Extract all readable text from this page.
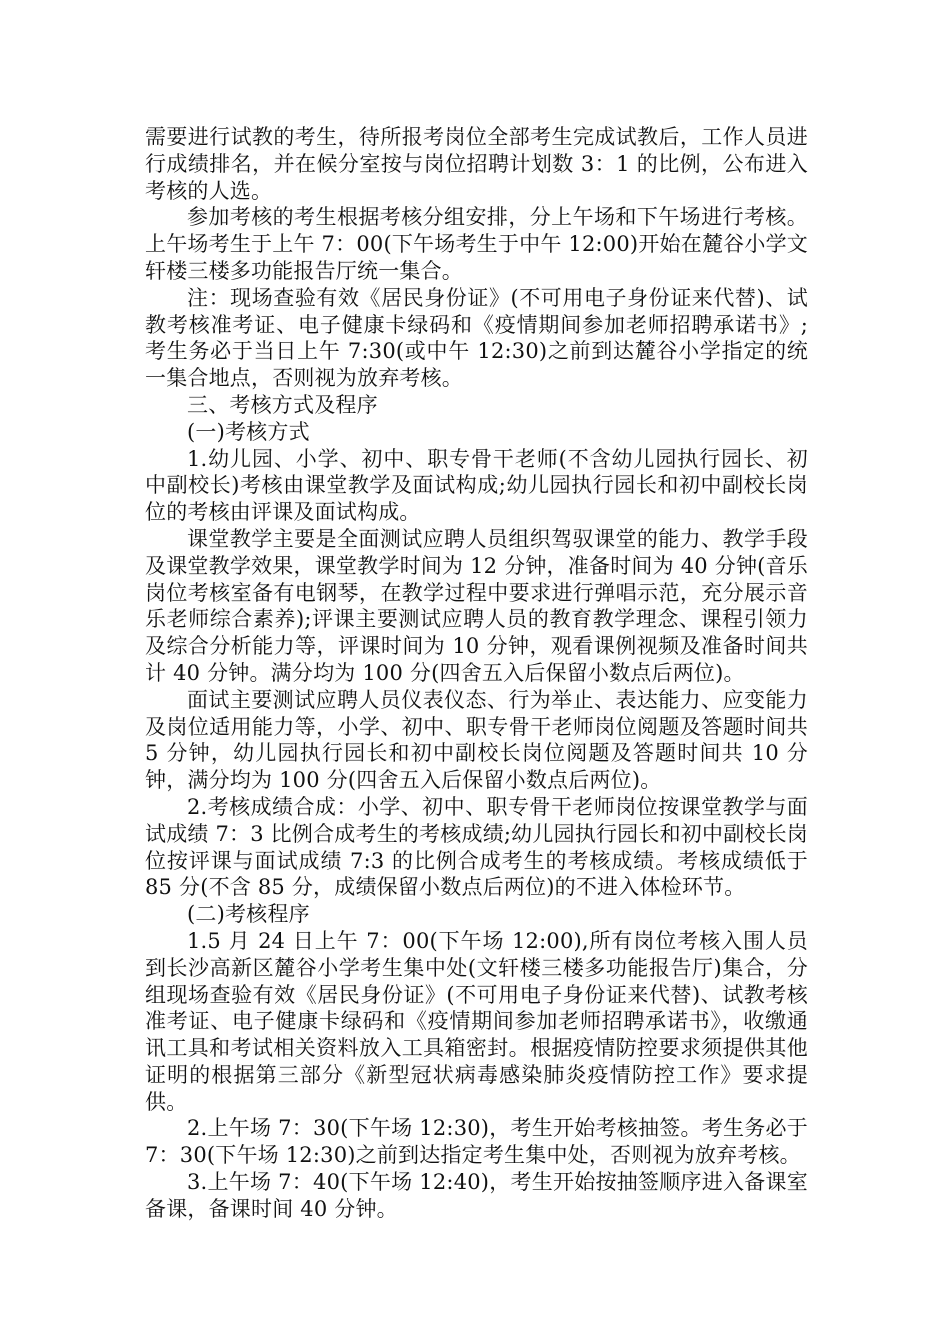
需要进行试教的考生，待所报考岗位全部考生完成试教后，工作人员进行成绩排名，并在候分室按与岗位招聘计划数 3：1 的比例，公布进入考核的人选。

参加考核的考生根据考核分组安排，分上午场和下午场进行考核。上午场考生于上午 7：00(下午场考生于中午 12:00)开始在麓谷小学文轩楼三楼多功能报告厅统一集合。

注：现场查验有效《居民身份证》(不可用电子身份证来代替)、试教考核准考证、电子健康卡绿码和《疫情期间参加老师招聘承诺书》;考生务必于当日上午 7:30(或中午 12:30)之前到达麓谷小学指定的统一集合地点，否则视为放弃考核。

三、考核方式及程序

(一)考核方式

1.幼儿园、小学、初中、职专骨干老师(不含幼儿园执行园长、初中副校长)考核由课堂教学及面试构成;幼儿园执行园长和初中副校长岗位的考核由评课及面试构成。

课堂教学主要是全面测试应聘人员组织驾驭课堂的能力、教学手段及课堂教学效果，课堂教学时间为 12 分钟，准备时间为 40 分钟(音乐岗位考核室备有电钢琴，在教学过程中要求进行弹唱示范，充分展示音乐老师综合素养);评课主要测试应聘人员的教育教学理念、课程引领力及综合分析能力等，评课时间为 10 分钟，观看课例视频及准备时间共计 40 分钟。满分均为 100 分(四舍五入后保留小数点后两位)。

面试主要测试应聘人员仪表仪态、行为举止、表达能力、应变能力及岗位适用能力等，小学、初中、职专骨干老师岗位阅题及答题时间共 5 分钟，幼儿园执行园长和初中副校长岗位阅题及答题时间共 10 分钟，满分均为 100 分(四舍五入后保留小数点后两位)。

2.考核成绩合成：小学、初中、职专骨干老师岗位按课堂教学与面试成绩 7：3 比例合成考生的考核成绩;幼儿园执行园长和初中副校长岗位按评课与面试成绩 7:3 的比例合成考生的考核成绩。考核成绩低于 85 分(不含 85 分，成绩保留小数点后两位)的不进入体检环节。

(二)考核程序

1.5 月 24 日上午 7：00(下午场 12:00),所有岗位考核入围人员到长沙高新区麓谷小学考生集中处(文轩楼三楼多功能报告厅)集合，分组现场查验有效《居民身份证》(不可用电子身份证来代替)、试教考核准考证、电子健康卡绿码和《疫情期间参加老师招聘承诺书》，收缴通讯工具和考试相关资料放入工具箱密封。根据疫情防控要求须提供其他证明的根据第三部分《新型冠状病毒感染肺炎疫情防控工作》要求提供。

2.上午场 7：30(下午场 12:30)，考生开始考核抽签。考生务必于 7：30(下午场 12:30)之前到达指定考生集中处，否则视为放弃考核。

3.上午场 7：40(下午场 12:40)，考生开始按抽签顺序进入备课室备课，备课时间 40 分钟。
